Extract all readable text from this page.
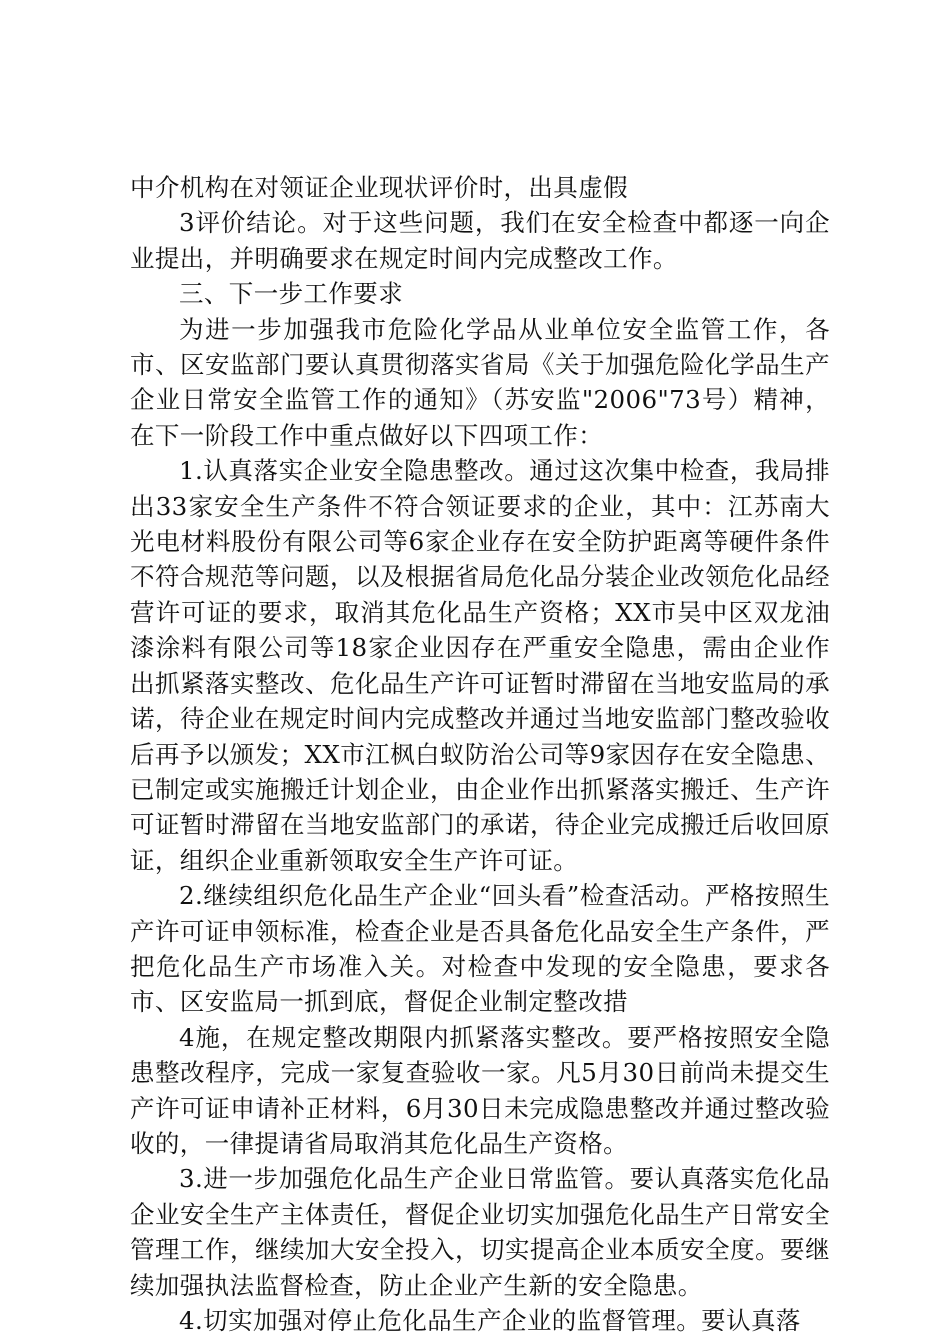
中介机构在对领证企业现状评价时，出具虚假

3评价结论。对于这些问题，我们在安全检查中都逐一向企业提出，并明确要求在规定时间内完成整改工作。

三、下一步工作要求

为进一步加强我市危险化学品从业单位安全监管工作，各市、区安监部门要认真贯彻落实省局《关于加强危险化学品生产企业日常安全监管工作的通知》（苏安监"2006"73号）精神，在下一阶段工作中重点做好以下四项工作：

1.认真落实企业安全隐患整改。通过这次集中检查，我局排出33家安全生产条件不符合领证要求的企业，其中：江苏南大光电材料股份有限公司等6家企业存在安全防护距离等硬件条件不符合规范等问题，以及根据省局危化品分装企业改领危化品经营许可证的要求，取消其危化品生产资格；XX市吴中区双龙油漆涂料有限公司等18家企业因存在严重安全隐患，需由企业作出抓紧落实整改、危化品生产许可证暂时滞留在当地安监局的承诺，待企业在规定时间内完成整改并通过当地安监部门整改验收后再予以颁发；XX市江枫白蚁防治公司等9家因存在安全隐患、已制定或实施搬迁计划企业，由企业作出抓紧落实搬迁、生产许可证暂时滞留在当地安监部门的承诺，待企业完成搬迁后收回原证，组织企业重新领取安全生产许可证。

2.继续组织危化品生产企业“回头看”检查活动。严格按照生产许可证申领标准，检查企业是否具备危化品安全生产条件，严把危化品生产市场准入关。对检查中发现的安全隐患，要求各市、区安监局一抓到底，督促企业制定整改措

4施，在规定整改期限内抓紧落实整改。要严格按照安全隐患整改程序，完成一家复查验收一家。凡5月30日前尚未提交生产许可证申请补正材料，6月30日未完成隐患整改并通过整改验收的，一律提请省局取消其危化品生产资格。

3.进一步加强危化品生产企业日常监管。要认真落实危化品企业安全生产主体责任，督促企业切实加强危化品生产日常安全管理工作，继续加大安全投入，切实提高企业本质安全度。要继续加强执法监督检查，防止企业产生新的安全隐患。

4.切实加强对停止危化品生产企业的监督管理。要认真落
